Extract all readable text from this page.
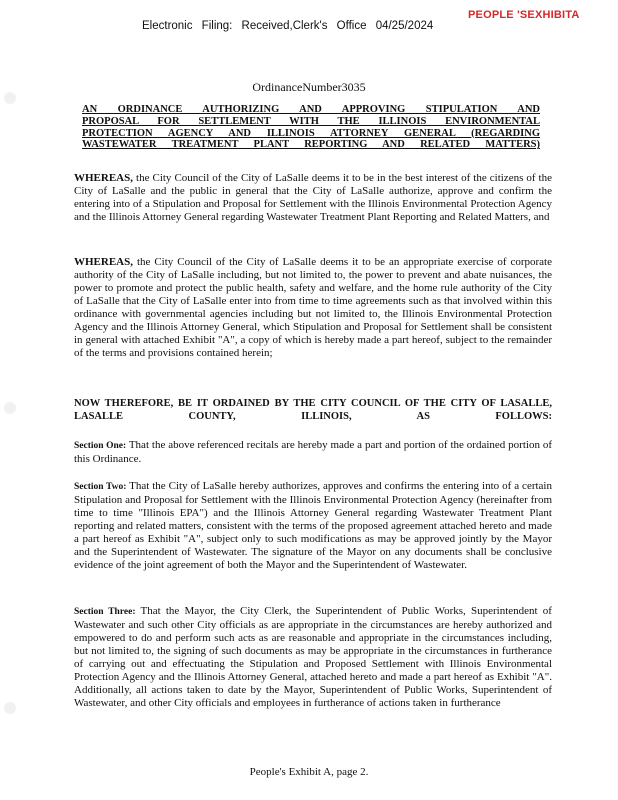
Electronic Filing: Received,Clerk's Office 04/25/2024
PEOPLE 'SEXHIBITA
OrdinanceNumber3035
AN ORDINANCE AUTHORIZING AND APPROVING STIPULATION AND
PROPOSAL FOR SETTLEMENT WITH THE ILLINOIS ENVIRONMENTAL
PROTECTION AGENCY AND ILLINOIS ATTORNEY GENERAL (REGARDING
WASTEWATER TREATMENT PLANT REPORTING AND RELATED MATTERS)
WHEREAS, the City Council of the City of LaSalle deems it to be in the best interest of the citizens of the City of LaSalle and the public in general that the City of LaSalle authorize, approve and confirm the entering into of a Stipulation and Proposal for Settlement with the Illinois Environmental Protection Agency and the Illinois Attorney General regarding Wastewater Treatment Plant Reporting and Related Matters, and
WHEREAS, the City Council of the City of LaSalle deems it to be an appropriate exercise of corporate authority of the City of LaSalle including, but not limited to, the power to prevent and abate nuisances, the power to promote and protect the public health, safety and welfare, and the home rule authority of the City of LaSalle that the City of LaSalle enter into from time to time agreements such as that involved within this ordinance with governmental agencies including but not limited to, the Illinois Environmental Protection Agency and the Illinois Attorney General, which Stipulation and Proposal for Settlement shall be consistent in general with attached Exhibit "A", a copy of which is hereby made a part hereof, subject to the remainder of the terms and provisions contained herein;
NOW THEREFORE, BE IT ORDAINED BY THE CITY COUNCIL OF THE CITY OF LASALLE, LASALLE COUNTY, ILLINOIS, AS FOLLOWS:
Section One: That the above referenced recitals are hereby made a part and portion of the ordained portion of this Ordinance.
Section Two: That the City of LaSalle hereby authorizes, approves and confirms the entering into of a certain Stipulation and Proposal for Settlement with the Illinois Environmental Protection Agency (hereinafter from time to time "Illinois EPA") and the Illinois Attorney General regarding Wastewater Treatment Plant reporting and related matters, consistent with the terms of the proposed agreement attached hereto and made a part hereof as Exhibit "A", subject only to such modifications as may be approved jointly by the Mayor and the Superintendent of Wastewater. The signature of the Mayor on any documents shall be conclusive evidence of the joint agreement of both the Mayor and the Superintendent of Wastewater.
Section Three: That the Mayor, the City Clerk, the Superintendent of Public Works, Superintendent of Wastewater and such other City officials as are appropriate in the circumstances are hereby authorized and empowered to do and perform such acts as are reasonable and appropriate in the circumstances including, but not limited to, the signing of such documents as may be appropriate in the circumstances in furtherance of carrying out and effectuating the Stipulation and Proposed Settlement with Illinois Environmental Protection Agency and the Illinois Attorney General, attached hereto and made a part hereof as Exhibit "A". Additionally, all actions taken to date by the Mayor, Superintendent of Public Works, Superintendent of Wastewater, and other City officials and employees in furtherance of actions taken in furtherance
People's Exhibit A, page 2.
